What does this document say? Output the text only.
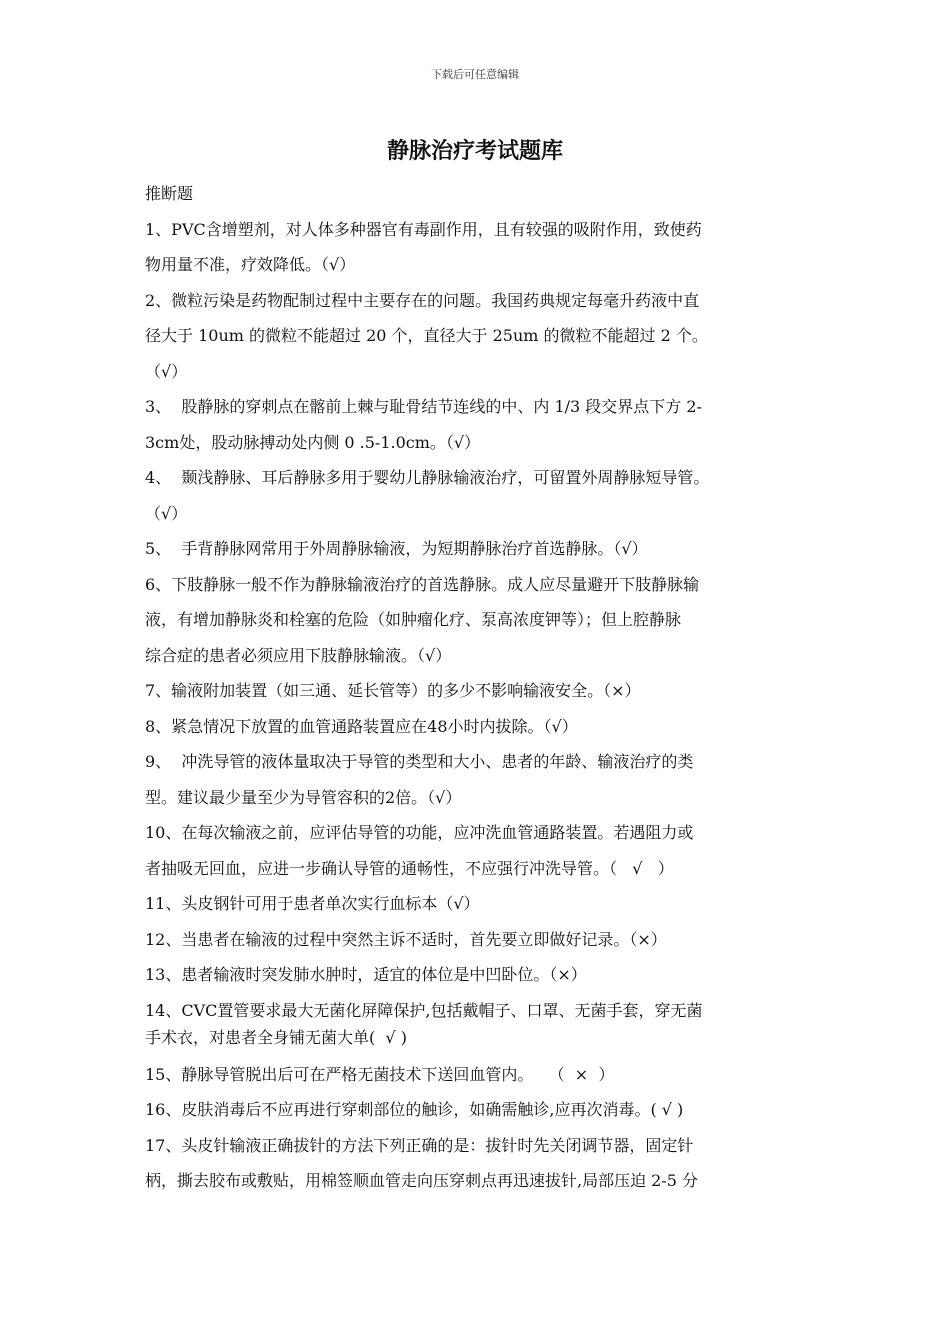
下载后可任意编辑
静脉治疗考试题库

推断题

1、PVC含增塑剂，对人体多种器官有毒副作用，且有较强的吸附作用，致使药

物用量不准，疗效降低。（√）

2、微粒污染是药物配制过程中主要存在的问题。我国药典规定每毫升药液中直

径大于 10um 的微粒不能超过 20 个，直径大于 25um 的微粒不能超过 2 个。

（√）

3、  股静脉的穿刺点在髂前上棘与耻骨结节连线的中、内 1/3 段交界点下方 2-

3cm处，股动脉搏动处内侧 0 .5-1.0cm。（√）

4、  颞浅静脉、耳后静脉多用于婴幼儿静脉输液治疗，可留置外周静脉短导管。

（√）

5、  手背静脉网常用于外周静脉输液，为短期静脉治疗首选静脉。（√）

6、下肢静脉一般不作为静脉输液治疗的首选静脉。成人应尽量避开下肢静脉输

液，有增加静脉炎和栓塞的危险（如肿瘤化疗、泵高浓度钾等）；但上腔静脉

综合症的患者必须应用下肢静脉输液。（√）

7、输液附加装置（如三通、延长管等）的多少不影响输液安全。（×）

8、紧急情况下放置的血管通路装置应在48小时内拔除。（√）

9、  冲洗导管的液体量取决于导管的类型和大小、患者的年龄、输液治疗的类

型。建议最少量至少为导管容积的2倍。（√）

10、在每次输液之前，应评估导管的功能，应冲洗血管通路装置。若遇阻力或

者抽吸无回血，应进一步确认导管的通畅性，不应强行冲洗导管。（   √   ）

11、头皮钢针可用于患者单次实行血标本（√）

12、当患者在输液的过程中突然主诉不适时，首先要立即做好记录。（×）

13、患者输液时突发肺水肿时，适宜的体位是中凹卧位。（×）

14、CVC置管要求最大无菌化屏障保护,包括戴帽子、口罩、无菌手套，穿无菌

手术衣，对患者全身铺无菌大单(  √ )

15、静脉导管脱出后可在严格无菌技术下送回血管内。   （  ×  ）

16、皮肤消毒后不应再进行穿刺部位的触诊，如确需触诊,应再次消毒。( √ )

17、头皮针输液正确拔针的方法下列正确的是：拔针时先关闭调节器，固定针

柄，撕去胶布或敷贴，用棉签顺血管走向压穿刺点再迅速拔针,局部压迫 2-5 分
